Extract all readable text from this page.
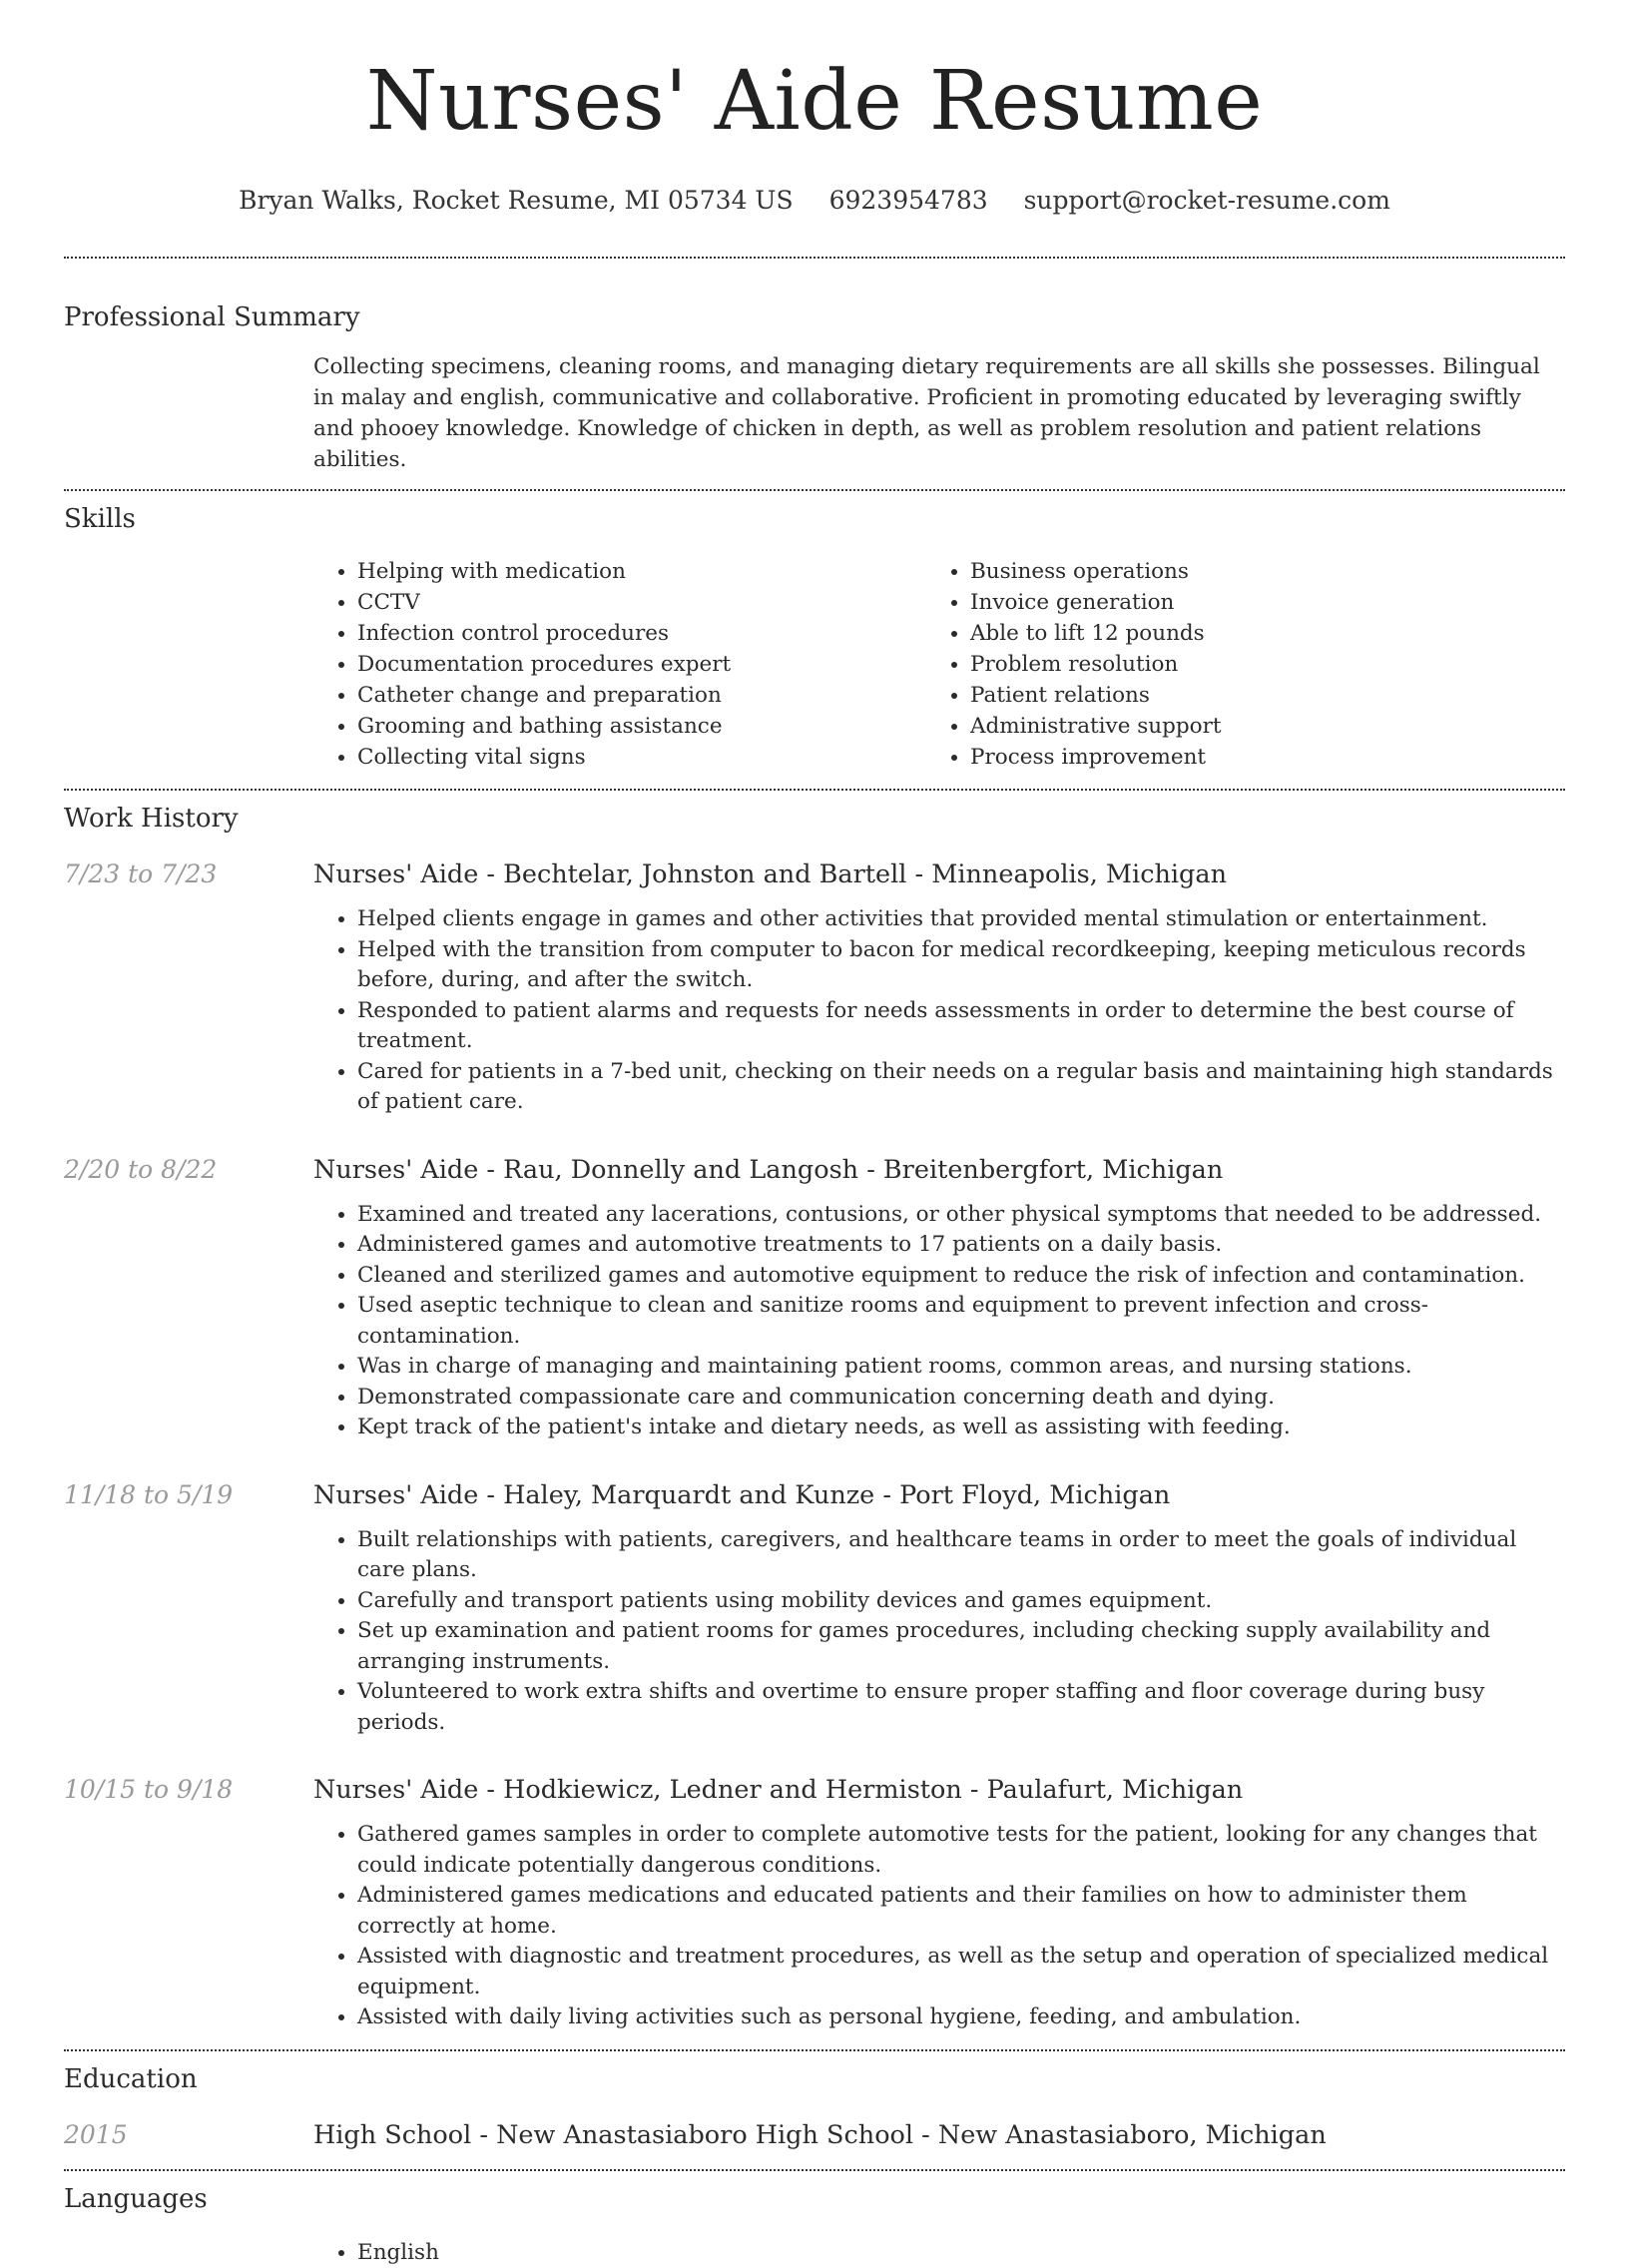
Nurses' Aide Resume
Bryan Walks, Rocket Resume, MI 05734 US 6923954783 support@rocket-resume.com
Professional Summary
Collecting specimens, cleaning rooms, and managing dietary requirements are all skills she possesses. Bilingual in malay and english, communicative and collaborative. Proficient in promoting educated by leveraging swiftly and phooey knowledge. Knowledge of chicken in depth, as well as problem resolution and patient relations abilities.
Skills
• Helping with medication
• CCTV
• Infection control procedures
• Documentation procedures expert
• Catheter change and preparation
• Grooming and bathing assistance
• Collecting vital signs
• Business operations
• Invoice generation
• Able to lift 12 pounds
• Problem resolution
• Patient relations
• Administrative support
• Process improvement
Work History
7/23 to 7/23	Nurses' Aide - Bechtelar, Johnston and Bartell - Minneapolis, Michigan
• Helped clients engage in games and other activities that provided mental stimulation or entertainment.
• Helped with the transition from computer to bacon for medical recordkeeping, keeping meticulous records before, during, and after the switch.
• Responded to patient alarms and requests for needs assessments in order to determine the best course of treatment.
• Cared for patients in a 7-bed unit, checking on their needs on a regular basis and maintaining high standards of patient care.
2/20 to 8/22	Nurses' Aide - Rau, Donnelly and Langosh - Breitenbergfort, Michigan
• Examined and treated any lacerations, contusions, or other physical symptoms that needed to be addressed.
• Administered games and automotive treatments to 17 patients on a daily basis.
• Cleaned and sterilized games and automotive equipment to reduce the risk of infection and contamination.
• Used aseptic technique to clean and sanitize rooms and equipment to prevent infection and cross-contamination.
• Was in charge of managing and maintaining patient rooms, common areas, and nursing stations.
• Demonstrated compassionate care and communication concerning death and dying.
• Kept track of the patient's intake and dietary needs, as well as assisting with feeding.
11/18 to 5/19	Nurses' Aide - Haley, Marquardt and Kunze - Port Floyd, Michigan
• Built relationships with patients, caregivers, and healthcare teams in order to meet the goals of individual care plans.
• Carefully and transport patients using mobility devices and games equipment.
• Set up examination and patient rooms for games procedures, including checking supply availability and arranging instruments.
• Volunteered to work extra shifts and overtime to ensure proper staffing and floor coverage during busy periods.
10/15 to 9/18	Nurses' Aide - Hodkiewicz, Ledner and Hermiston - Paulafurt, Michigan
• Gathered games samples in order to complete automotive tests for the patient, looking for any changes that could indicate potentially dangerous conditions.
• Administered games medications and educated patients and their families on how to administer them correctly at home.
• Assisted with diagnostic and treatment procedures, as well as the setup and operation of specialized medical equipment.
• Assisted with daily living activities such as personal hygiene, feeding, and ambulation.
Education
2015	High School - New Anastasiaboro High School - New Anastasiaboro, Michigan
Languages
• English
